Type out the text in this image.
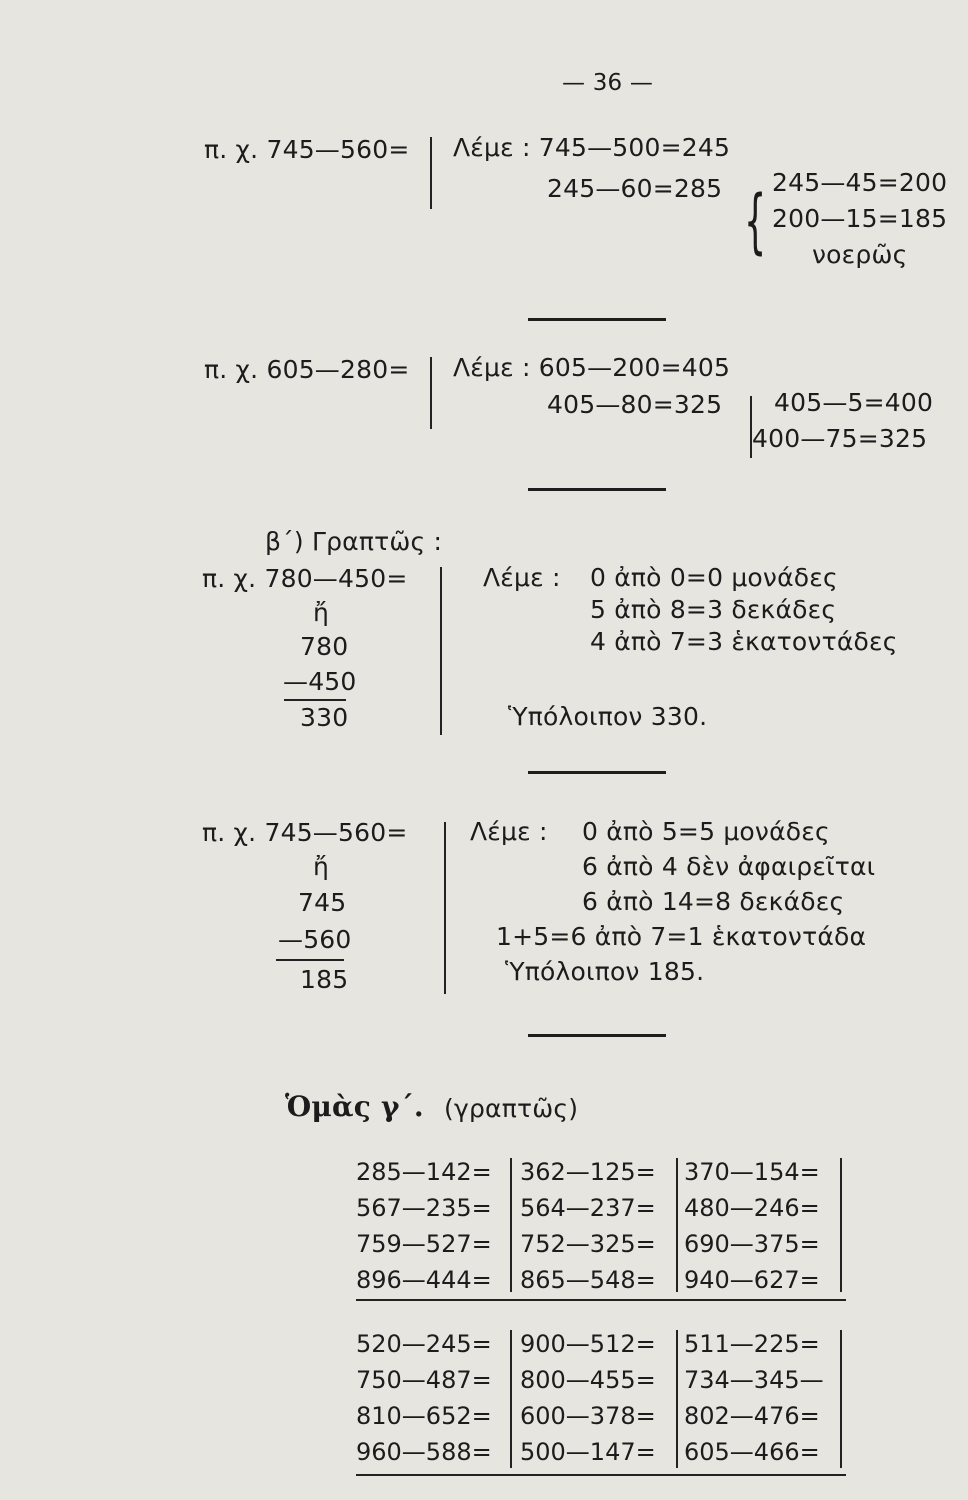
— 36 —
π. χ. 745—560= Λέμε : 745—500=245
245—60=285 { 245—45=200
200—15=185
νοερῶς
π. χ. 605—280= Λέμε : 605—200=405
405—80=325 405—5=400
400—75=325
β΄) Γραπτῶς :
π. χ. 780—450=
ἤ
780
—450
330
Λέμε : 0 ἀπὸ 0=0 μονάδες
5 ἀπὸ 8=3 δεκάδες
4 ἀπὸ 7=3 ἑκατοντάδες
Ὑπόλοιπον 330.
π. χ. 745—560=
ἤ
745
—560
185
Λέμε : 0 ἀπὸ 5=5 μονάδες
6 ἀπὸ 4 δὲν ἀφαιρεῖται
6 ἀπὸ 14=8 δεκάδες
1+5=6 ἀπὸ 7=1 ἑκατοντάδα
Ὑπόλοιπον 185.
Ὁμὰς γ΄. (γραπτῶς)
285—142= 362—125= 370—154=
567—235= 564—237= 480—246=
759—527= 752—325= 690—375=
896—444= 865—548= 940—627=
520—245= 900—512= 511—225=
750—487= 800—455= 734—345—
810—652= 600—378= 802—476=
960—588= 500—147= 605—466=
